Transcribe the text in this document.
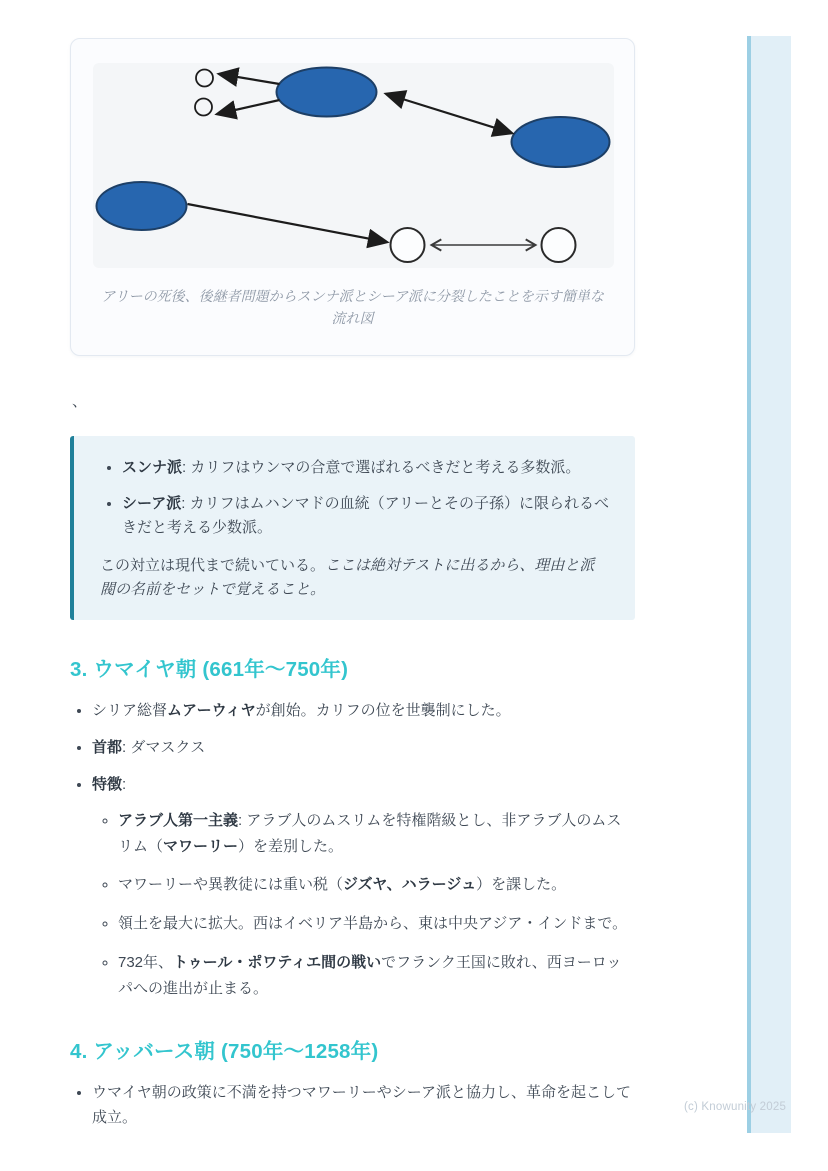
(c) Knowunity 2025
アリーの死後、後継者問題からスンナ派とシーア派に分裂したことを示す簡単な流れ図

、

• スンナ派: カリフはウンマの合意で選ばれるべきだと考える多数派。
• シーア派: カリフはムハンマドの血統（アリーとその子孫）に限られるべきだと考える少数派。

この対立は現代まで続いている。ここは絶対テストに出るから、理由と派閥の名前をセットで覚えること。

3. ウマイヤ朝 (661年〜750年)
• シリア総督ムアーウィヤが創始。カリフの位を世襲制にした。
• 首都: ダマスクス
• 特徴:
◦ アラブ人第一主義: アラブ人のムスリムを特権階級とし、非アラブ人のムスリム（マワーリー）を差別した。
◦ マワーリーや異教徒には重い税（ジズヤ、ハラージュ）を課した。
◦ 領土を最大に拡大。西はイベリア半島から、東は中央アジア・インドまで。
◦ 732年、トゥール・ポワティエ間の戦いでフランク王国に敗れ、西ヨーロッパへの進出が止まる。
4. アッバース朝 (750年〜1258年)
• ウマイヤ朝の政策に不満を持つマワーリーやシーア派と協力し、革命を起こして成立。
